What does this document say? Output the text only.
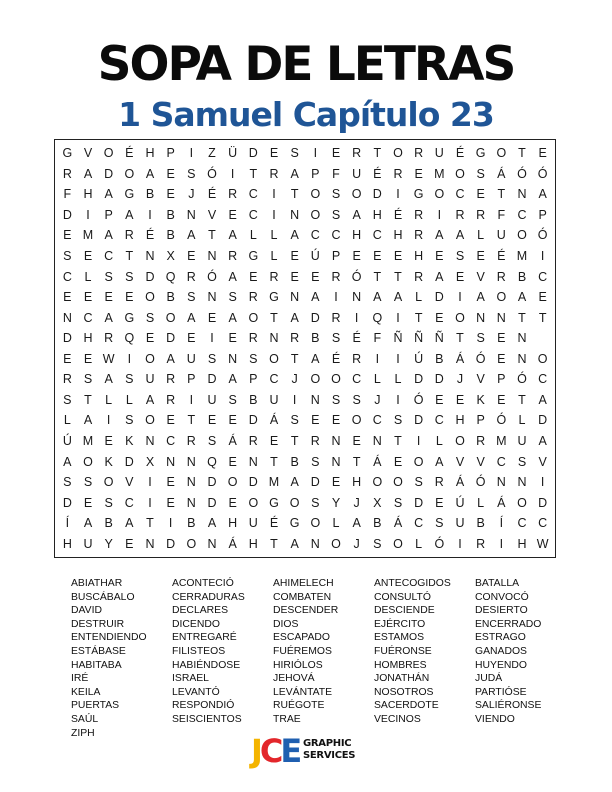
SOPA DE LETRAS
1 Samuel Capítulo 23
G V O É H P	I	Z Ü D E S	I	E R T O R U É G O T	E
R A D O A E S Ó	I	T R A P	F U É R E M O S Á Ó Ó
F H A G B E	J	É R C	I	T O S O D	I	G O C E	T N A
D	I	P A	I	B N V E C	I	N O S A H É R	I	R R F C P
E M A R É B A	T	A	L	L	A C C H C H R A A	L	U O Ó
S E C T N X E N R G L	E Ú P E E E H E S E É M	I
C	L	S S D Q R Ó A E R E E R Ó T	T R A E V R B C
E E E E O B S N S R G N A	I	N A A	L	D	I	A O A E
N C A G S O A E A O T	A D R	I	Q	I	T	E O N N T	T
D H R Q E D E	I	E R N R B S É	F Ñ Ñ Ñ T	S E N
E E W	I	O A U S N S O T	A É R	I	I	Ú B Á Ó E N O
R S A S U R P D A P C	J	O O C	L	L	D D	J	V P Ó C
S	T	L	L	A R	I	U S B U	I	N S S	J	I	Ó E E K E	T	A
L	A	I	S O E	T	E E D Á S E E O C S D C H P Ó L	D
Ú M E K N C R S Á R E	T R N E N T	I	L O R M U A
A O K D X N N Q E N T	B S N T	Á E O A V V C S V
S S O V	I	E N D O D M A D E H O O S R Á Ó N N	I
D E S C	I	E N D E O G O S Y	J	X S D E Ú	L	Á O D
Í	A B A	T	I	B A H U É G O L	A B Á C S U B	Í	C C
H U Y E N D O N Á H T	A N O	J	S O L Ó	I	R	I	H W
ABIATHAR	ACONTECIÓ	AHIMELECH	ANTECOGIDOS	BATALLA
BUSCÁBALO	CERRADURAS	COMBATEN	CONSULTÓ	CONVOCÓ
DAVID	DECLARES	DESCENDER	DESCIENDE	DESIERTO
DESTRUIR	DICENDO	DIOS	EJÉRCITO	ENCERRADO
ENTENDIENDO	ENTREGARÉ	ESCAPADO	ESTAMOS	ESTRAGO
ESTÁBASE	FILISTEOS	FUÉREMOS	FUÉRONSE	GANADOS
HABITABA	HABIÉNDOSE	HIRIÓLOS	HOMBRES	HUYENDO
IRÉ	ISRAEL	JEHOVÁ	JONATHÁN	JUDÁ
KEILA	LEVANTÓ	LEVÁNTATE	NOSOTROS	PARTIÓSE
PUERTAS	RESPONDIÓ	RUÉGOTE	SACERDOTE	SALIÉRONSE
SAÚL	SEISCIENTOS	TRAE	VECINOS	VIENDO
ZIPH	JCE GRAPHIC
SERVICES
